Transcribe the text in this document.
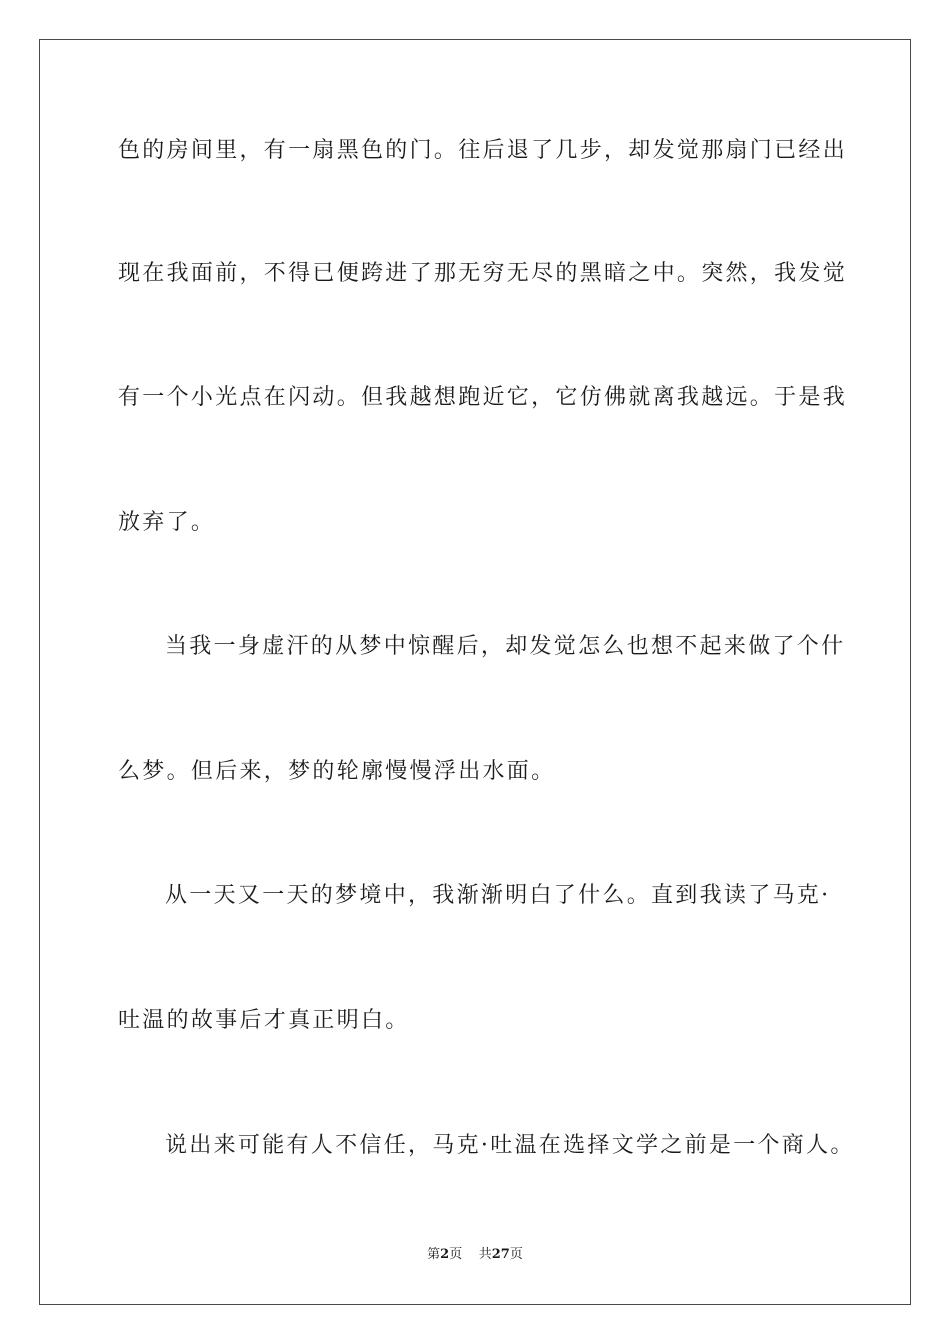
色的房间里，有一扇黑色的门。往后退了几步，却发觉那扇门已经出
现在我面前，不得已便跨进了那无穷无尽的黑暗之中。突然，我发觉
有一个小光点在闪动。但我越想跑近它，它仿佛就离我越远。于是我
放弃了。
当我一身虚汗的从梦中惊醒后，却发觉怎么也想不起来做了个什
么梦。但后来，梦的轮廓慢慢浮出水面。
从一天又一天的梦境中，我渐渐明白了什么。直到我读了马克·
吐温的故事后才真正明白。
说出来可能有人不信任，马克·吐温在选择文学之前是一个商人。
第2页 共27页
